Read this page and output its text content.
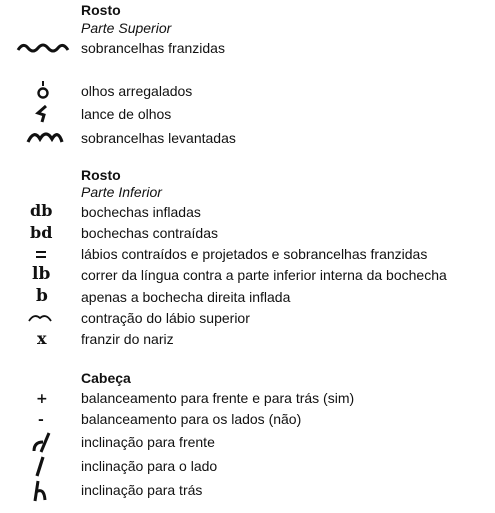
Rosto
Parte Superior
sobrancelhas franzidas
olhos arregalados
lance de olhos
sobrancelhas levantadas
Rosto
Parte Inferior
db bochechas infladas
bd bochechas contraídas
lábios contraídos e projetados e sobrancelhas franzidas
lb correr da língua contra a parte inferior interna da bochecha
b apenas a bochecha direita inflada
contração do lábio superior
x franzir do nariz
Cabeça
+ balanceamento para frente e para trás (sim)
-	balanceamento para os lados (não)
inclinação para frente
inclinação para o lado
inclinação para trás
